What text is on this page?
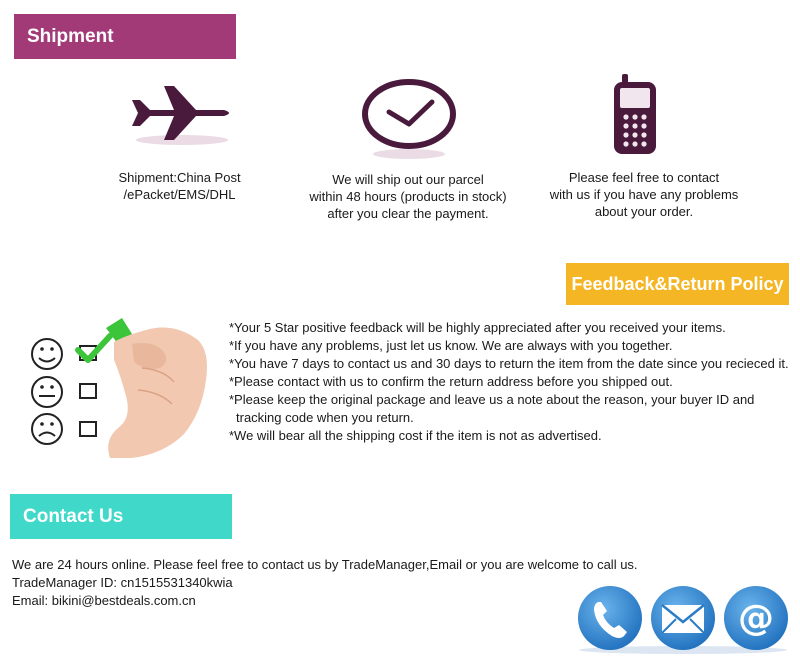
Shipment
Shipment:China Post
/ePacket/EMS/DHL
We will ship out our parcel
within 48 hours (products in stock)
after you clear the payment.
Please feel free to contact
with us if you have any problems
about your order.
Feedback&Return Policy
*Your 5 Star positive feedback will be highly appreciated after you received your items.
*If you have any problems, just let us know. We are always with you together.
*You have 7 days to contact us and 30 days to return the item from the date since you recieced it.
*Please contact with us to confirm the return address before you shipped out.
*Please keep the original package and leave us a note about the reason, your buyer ID and tracking code when you return.
*We will bear all the shipping cost if the item is not as advertised.
Contact Us
We are 24 hours online. Please feel free to contact us by TradeManager,Email or you are welcome to call us.
TradeManager ID: cn1515531340kwia
Email: bikini@bestdeals.com.cn	@
